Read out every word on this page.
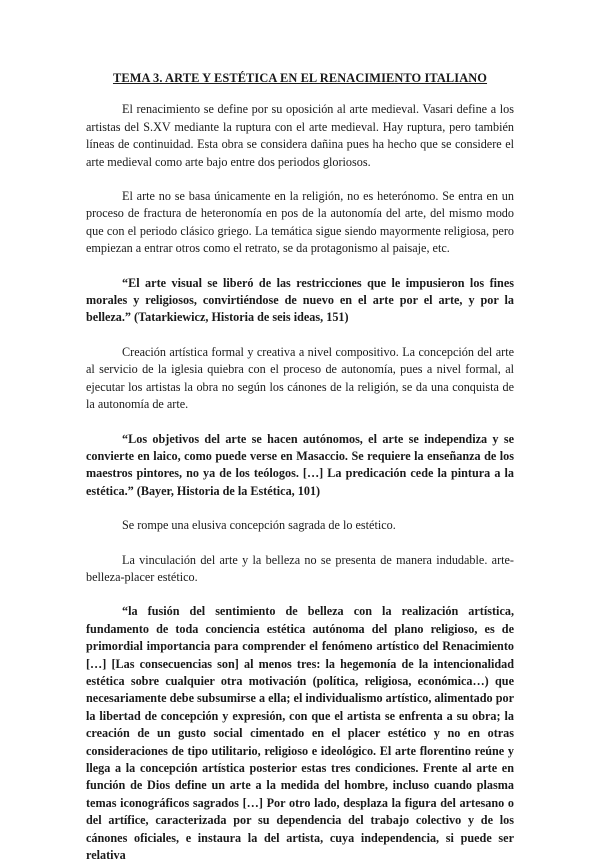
TEMA 3. ARTE Y ESTÉTICA EN EL RENACIMIENTO ITALIANO

El renacimiento se define por su oposición al arte medieval. Vasari define a los artistas del S.XV mediante la ruptura con el arte medieval. Hay ruptura, pero también líneas de continuidad. Esta obra se considera dañina pues ha hecho que se considere el arte medieval como arte bajo entre dos periodos gloriosos.

El arte no se basa únicamente en la religión, no es heterónomo. Se entra en un proceso de fractura de heteronomía en pos de la autonomía del arte, del mismo modo que con el periodo clásico griego. La temática sigue siendo mayormente religiosa, pero empiezan a entrar otros como el retrato, se da protagonismo al paisaje, etc.

“El arte visual se liberó de las restricciones que le impusieron los fines morales y religiosos, convirtiéndose de nuevo en el arte por el arte, y por la belleza.” (Tatarkiewicz, Historia de seis ideas, 151)

Creación artística formal y creativa a nivel compositivo. La concepción del arte al servicio de la iglesia quiebra con el proceso de autonomía, pues a nivel formal, al ejecutar los artistas la obra no según los cánones de la religión, se da una conquista de la autonomía de arte.

“Los objetivos del arte se hacen autónomos, el arte se independiza y se convierte en laico, como puede verse en Masaccio. Se requiere la enseñanza de los maestros pintores, no ya de los teólogos. […] La predicación cede la pintura a la estética.” (Bayer, Historia de la Estética, 101)

Se rompe una elusiva concepción sagrada de lo estético.

La vinculación del arte y la belleza no se presenta de manera indudable. arte-belleza-placer estético.

“la fusión del sentimiento de belleza con la realización artística, fundamento de toda conciencia estética autónoma del plano religioso, es de primordial importancia para comprender el fenómeno artístico del Renacimiento […] [Las consecuencias son] al menos tres: la hegemonía de la intencionalidad estética sobre cualquier otra motivación (política, religiosa, económica…) que necesariamente debe subsumirse a ella; el individualismo artístico, alimentado por la libertad de concepción y expresión, con que el artista se enfrenta a su obra; la creación de un gusto social cimentado en el placer estético y no en otras consideraciones de tipo utilitario, religioso e ideológico. El arte florentino reúne y llega a la concepción artística posterior estas tres condiciones. Frente al arte en función de Dios define un arte a la medida del hombre, incluso cuando plasma temas iconográficos sagrados […] Por otro lado, desplaza la figura del artesano o del artífice, caracterizada por su dependencia del trabajo colectivo y de los cánones oficiales, e instaura la del artista, cuya independencia, si puede ser relativa
